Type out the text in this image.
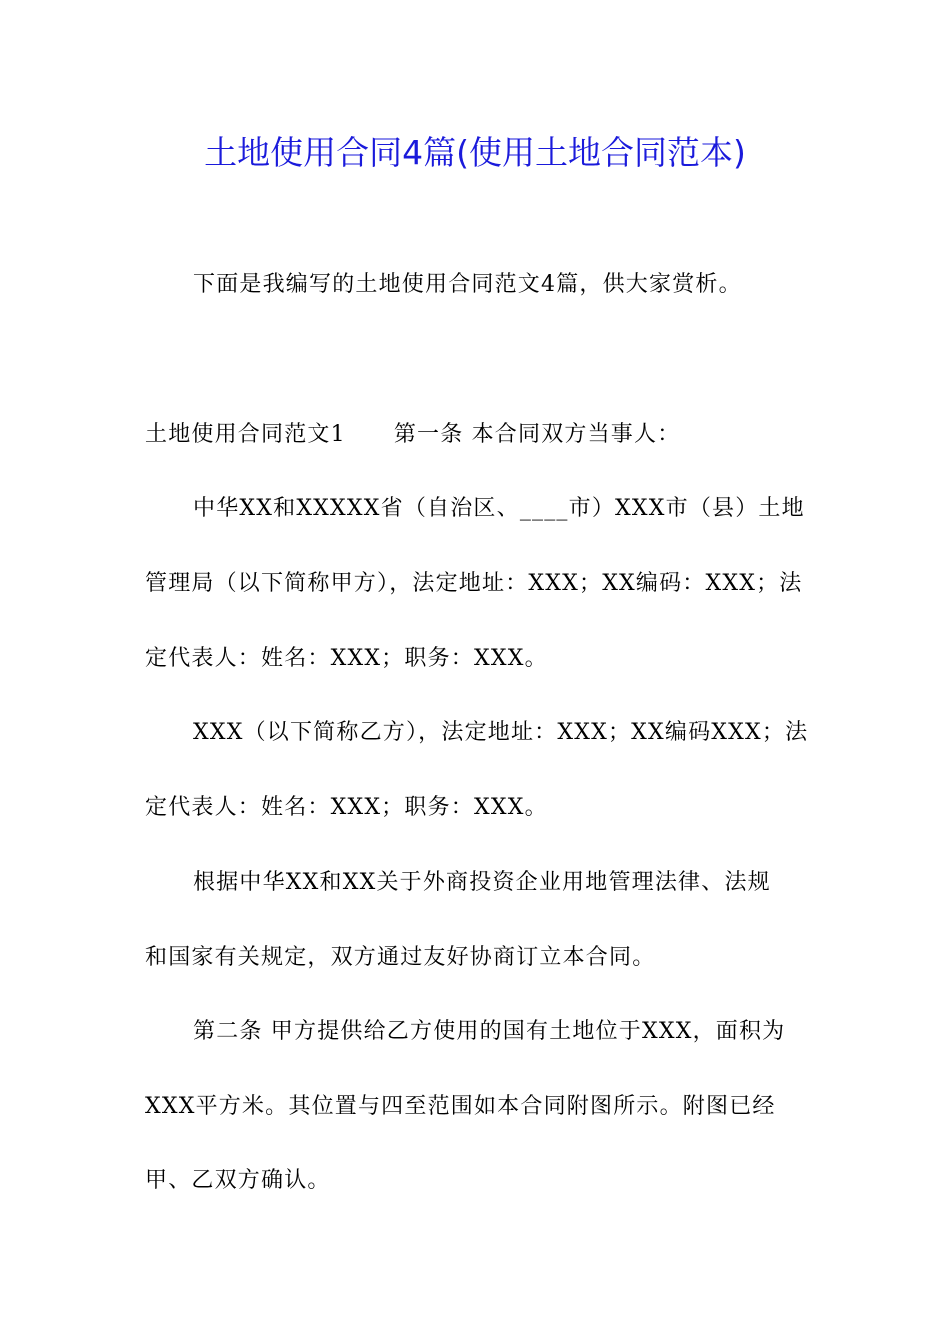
土地使用合同4篇(使用土地合同范本)
下面是我编写的土地使用合同范文4篇，供大家赏析。
土地使用合同范文1 第一条 本合同双方当事人：
中华XX和XXXXX省（自治区、____市）XXX市（县）土地
管理局（以下简称甲方），法定地址：XXX；XX编码：XXX；法
定代表人：姓名：XXX；职务：XXX。
XXX（以下简称乙方），法定地址：XXX；XX编码XXX；法
定代表人：姓名：XXX；职务：XXX。
根据中华XX和XX关于外商投资企业用地管理法律、法规
和国家有关规定，双方通过友好协商订立本合同。
第二条 甲方提供给乙方使用的国有土地位于XXX，面积为
XXX平方米。其位置与四至范围如本合同附图所示。附图已经
甲、乙双方确认。
